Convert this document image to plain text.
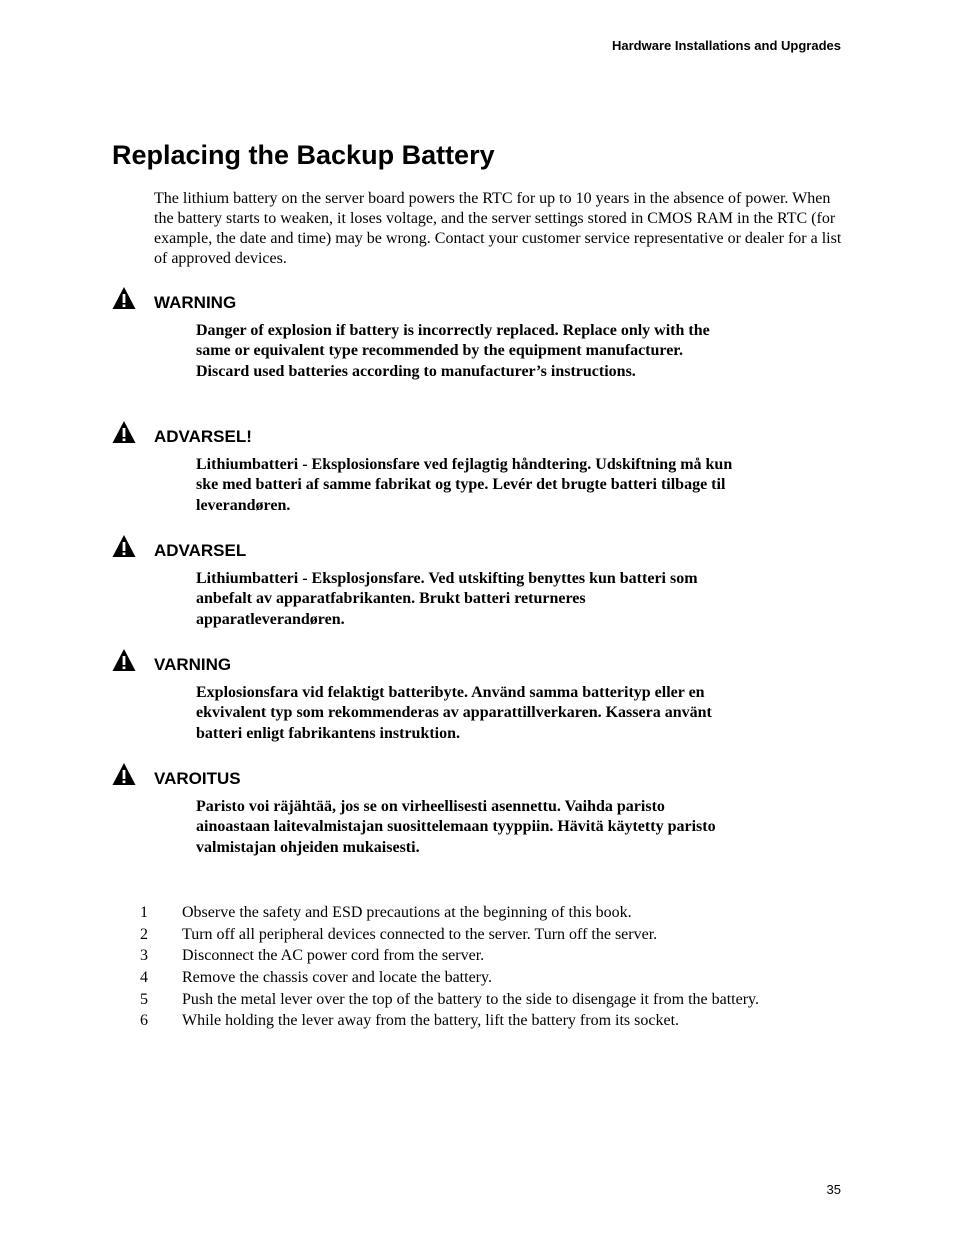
Hardware Installations and Upgrades
Replacing the Backup Battery

The lithium battery on the server board powers the RTC for up to 10 years in the absence of power. When the battery starts to weaken, it loses voltage, and the server settings stored in CMOS RAM in the RTC (for example, the date and time) may be wrong. Contact your customer service representative or dealer for a list of approved devices.

WARNING

Danger of explosion if battery is incorrectly replaced. Replace only with the same or equivalent type recommended by the equipment manufacturer. Discard used batteries according to manufacturer’s instructions.

ADVARSEL!

Lithiumbatteri - Eksplosionsfare ved fejlagtig håndtering. Udskiftning må kun ske med batteri af samme fabrikat og type. Levér det brugte batteri tilbage til leverandøren.

ADVARSEL

Lithiumbatteri - Eksplosjonsfare. Ved utskifting benyttes kun batteri som anbefalt av apparatfabrikanten. Brukt batteri returneres apparatleverandøren.

VARNING

Explosionsfara vid felaktigt batteribyte. Använd samma batterityp eller en ekvivalent typ som rekommenderas av apparattillverkaren. Kassera använt batteri enligt fabrikantens instruktion.

VAROITUS

Paristo voi räjähtää, jos se on virheellisesti asennettu. Vaihda paristo ainoastaan laitevalmistajan suosittelemaan tyyppiin. Hävitä käytetty paristo valmistajan ohjeiden mukaisesti.

1 Observe the safety and ESD precautions at the beginning of this book.
2 Turn off all peripheral devices connected to the server. Turn off the server.
3 Disconnect the AC power cord from the server.
4 Remove the chassis cover and locate the battery.
5 Push the metal lever over the top of the battery to the side to disengage it from the battery.
6 While holding the lever away from the battery, lift the battery from its socket.
35
